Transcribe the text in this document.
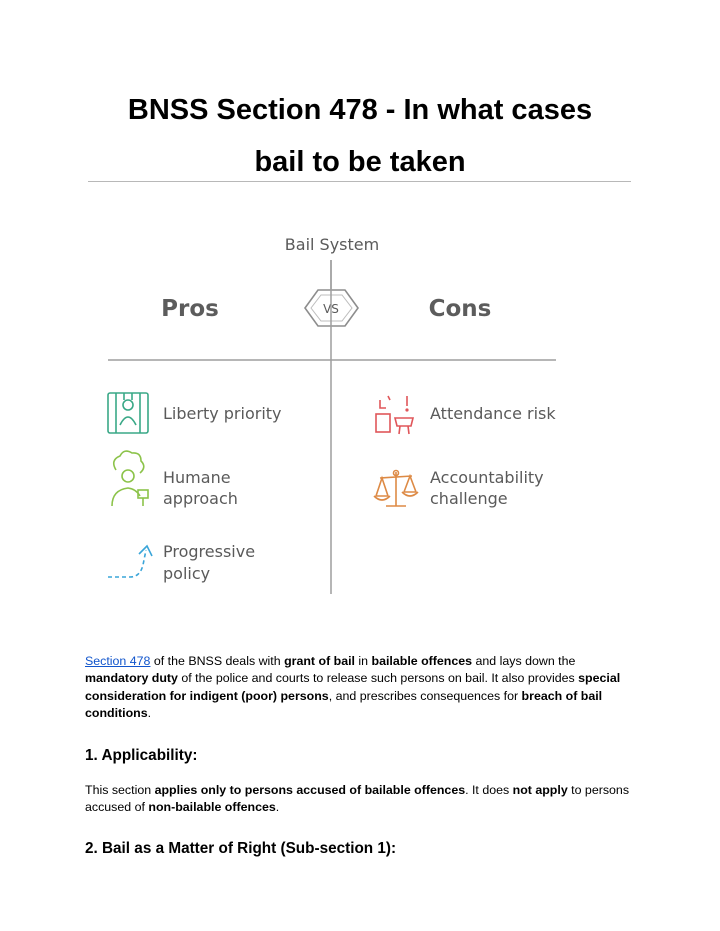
BNSS Section 478 - In what cases
bail to be taken
Bail System
Pros	Cons
VS
Liberty priority
Humane
approach
Progressive
policy
Attendance risk
Accountability
challenge

Section 478 of the BNSS deals with grant of bail in bailable offences and lays down the mandatory duty of the police and courts to release such persons on bail. It also provides special consideration for indigent (poor) persons, and prescribes consequences for breach of bail conditions.

1. Applicability:

This section applies only to persons accused of bailable offences. It does not apply to persons accused of non-bailable offences.

2. Bail as a Matter of Right (Sub-section 1):
